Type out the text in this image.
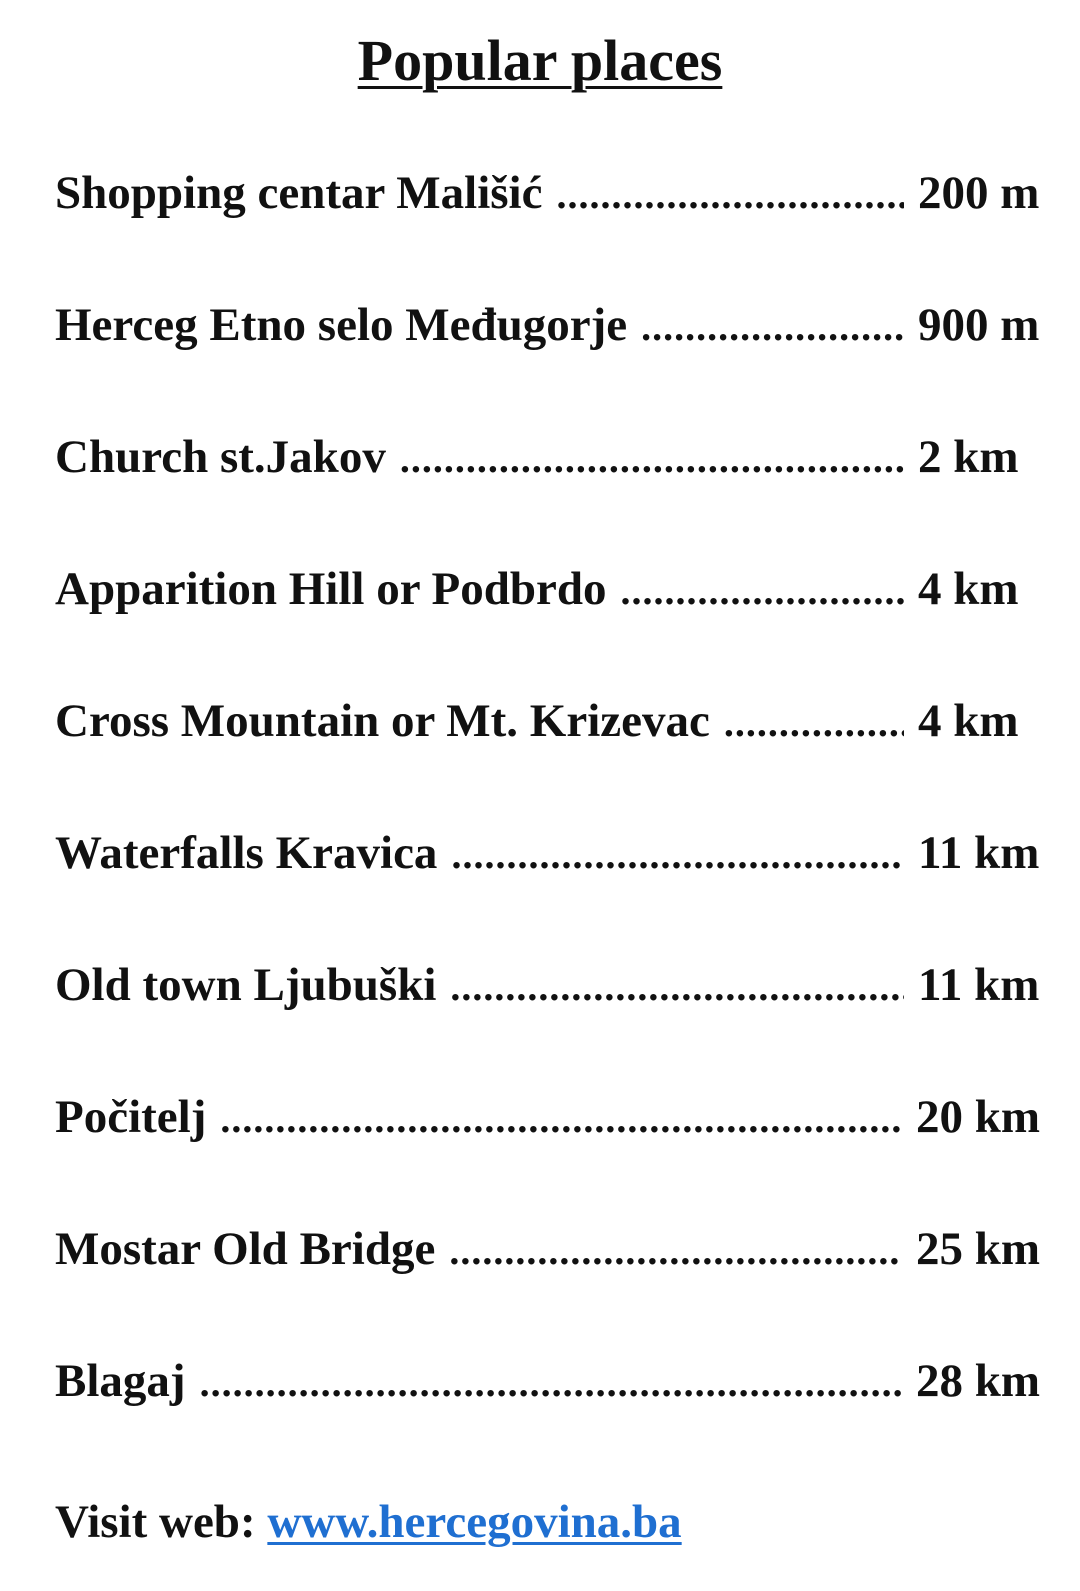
Popular places
Shopping centar Mališić .....	200 m
Herceg Etno selo Međugorje .....	900 m
Church st.Jakov .....	2 km
Apparition Hill or Podbrdo .....	4 km
Cross Mountain or Mt. Krizevac .....	4 km
Waterfalls Kravica .....	11 km
Old town Ljubuški .....	11 km
Počitelj .....	20 km
Mostar Old Bridge .....	25 km
Blagaj .....	28 km
Visit web: www.hercegovina.ba
